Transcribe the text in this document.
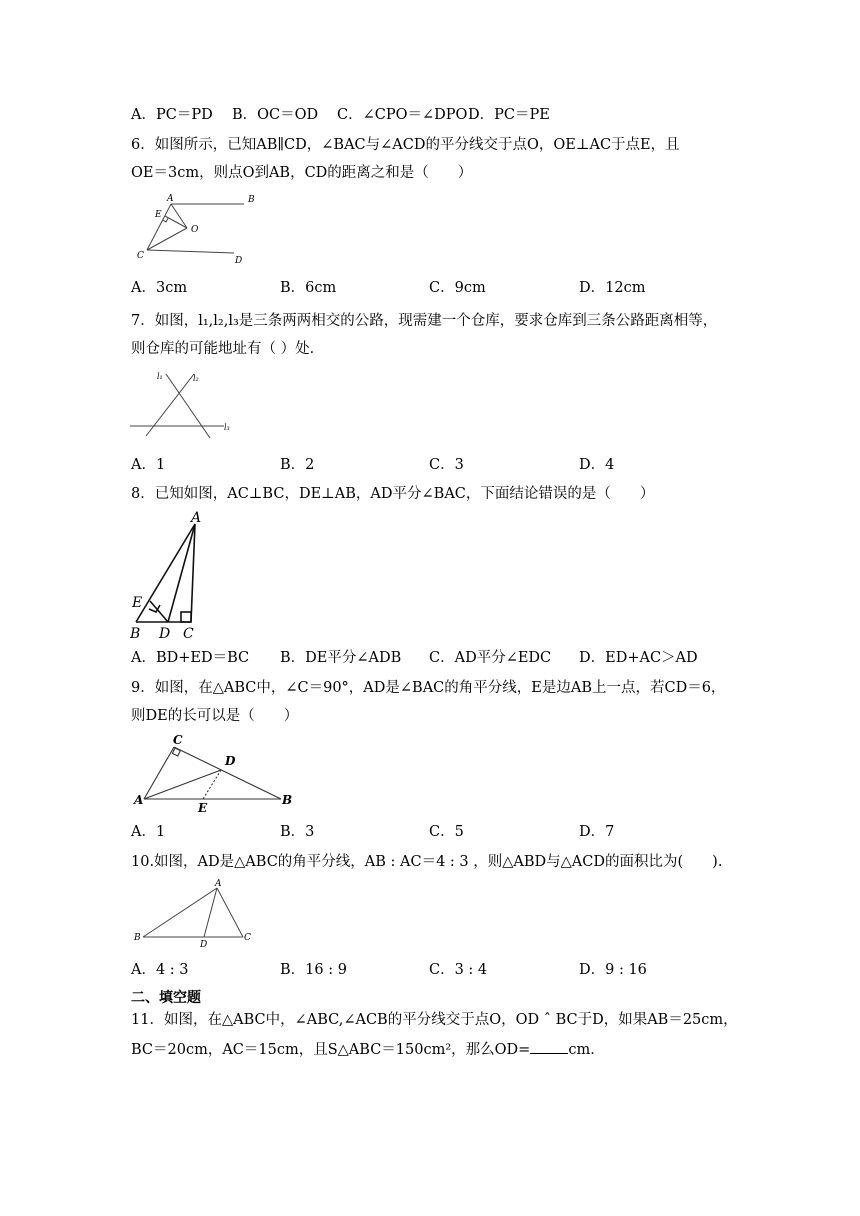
A．PC＝PD B．OC＝OD C．∠CPO＝∠DPO D．PC＝PE
6．如图所示，已知AB∥CD，∠BAC与∠ACD的平分线交于点O，OE⊥AC于点E，且
OE＝3cm，则点O到AB，CD的距离之和是（　　）
A	B
E
O
C	D
A．3cm	B．6cm	C．9cm	D．12cm
7．如图，l₁,l₂,l₃是三条两两相交的公路，现需建一个仓库，要求仓库到三条公路距离相等，
则仓库的可能地址有（ ）处．
l₁	l₂
l₃
A．1	B．2	C．3	D．4
8．已知如图，AC⊥BC，DE⊥AB，AD平分∠BAC，下面结论错误的是（　　）
A
E
B D C
A．BD+ED＝BC B．DE平分∠ADB C．AD平分∠EDC D．ED+AC＞AD
9．如图，在△ABC中，∠C＝90°，AD是∠BAC的角平分线，E是边AB上一点，若CD＝6，
则DE的长可以是（　　）
C
D
A
E
B
A．1	B．3	C．5	D．7
10.如图，AD是△ABC的角平分线，AB : AC＝4 : 3 ，则△ABD与△ACD的面积比为(　　).
A
B
D
C
A．4 : 3	B．16 : 9	C．3 : 4	D．9 : 16
二、填空题
11．如图，在△ABC中，∠ABC,∠ACB的平分线交于点O，OD ˆ BC于D，如果AB＝25cm，
BC＝20cm，AC＝15cm，且S△ABC＝150cm²，那么OD=	cm．
